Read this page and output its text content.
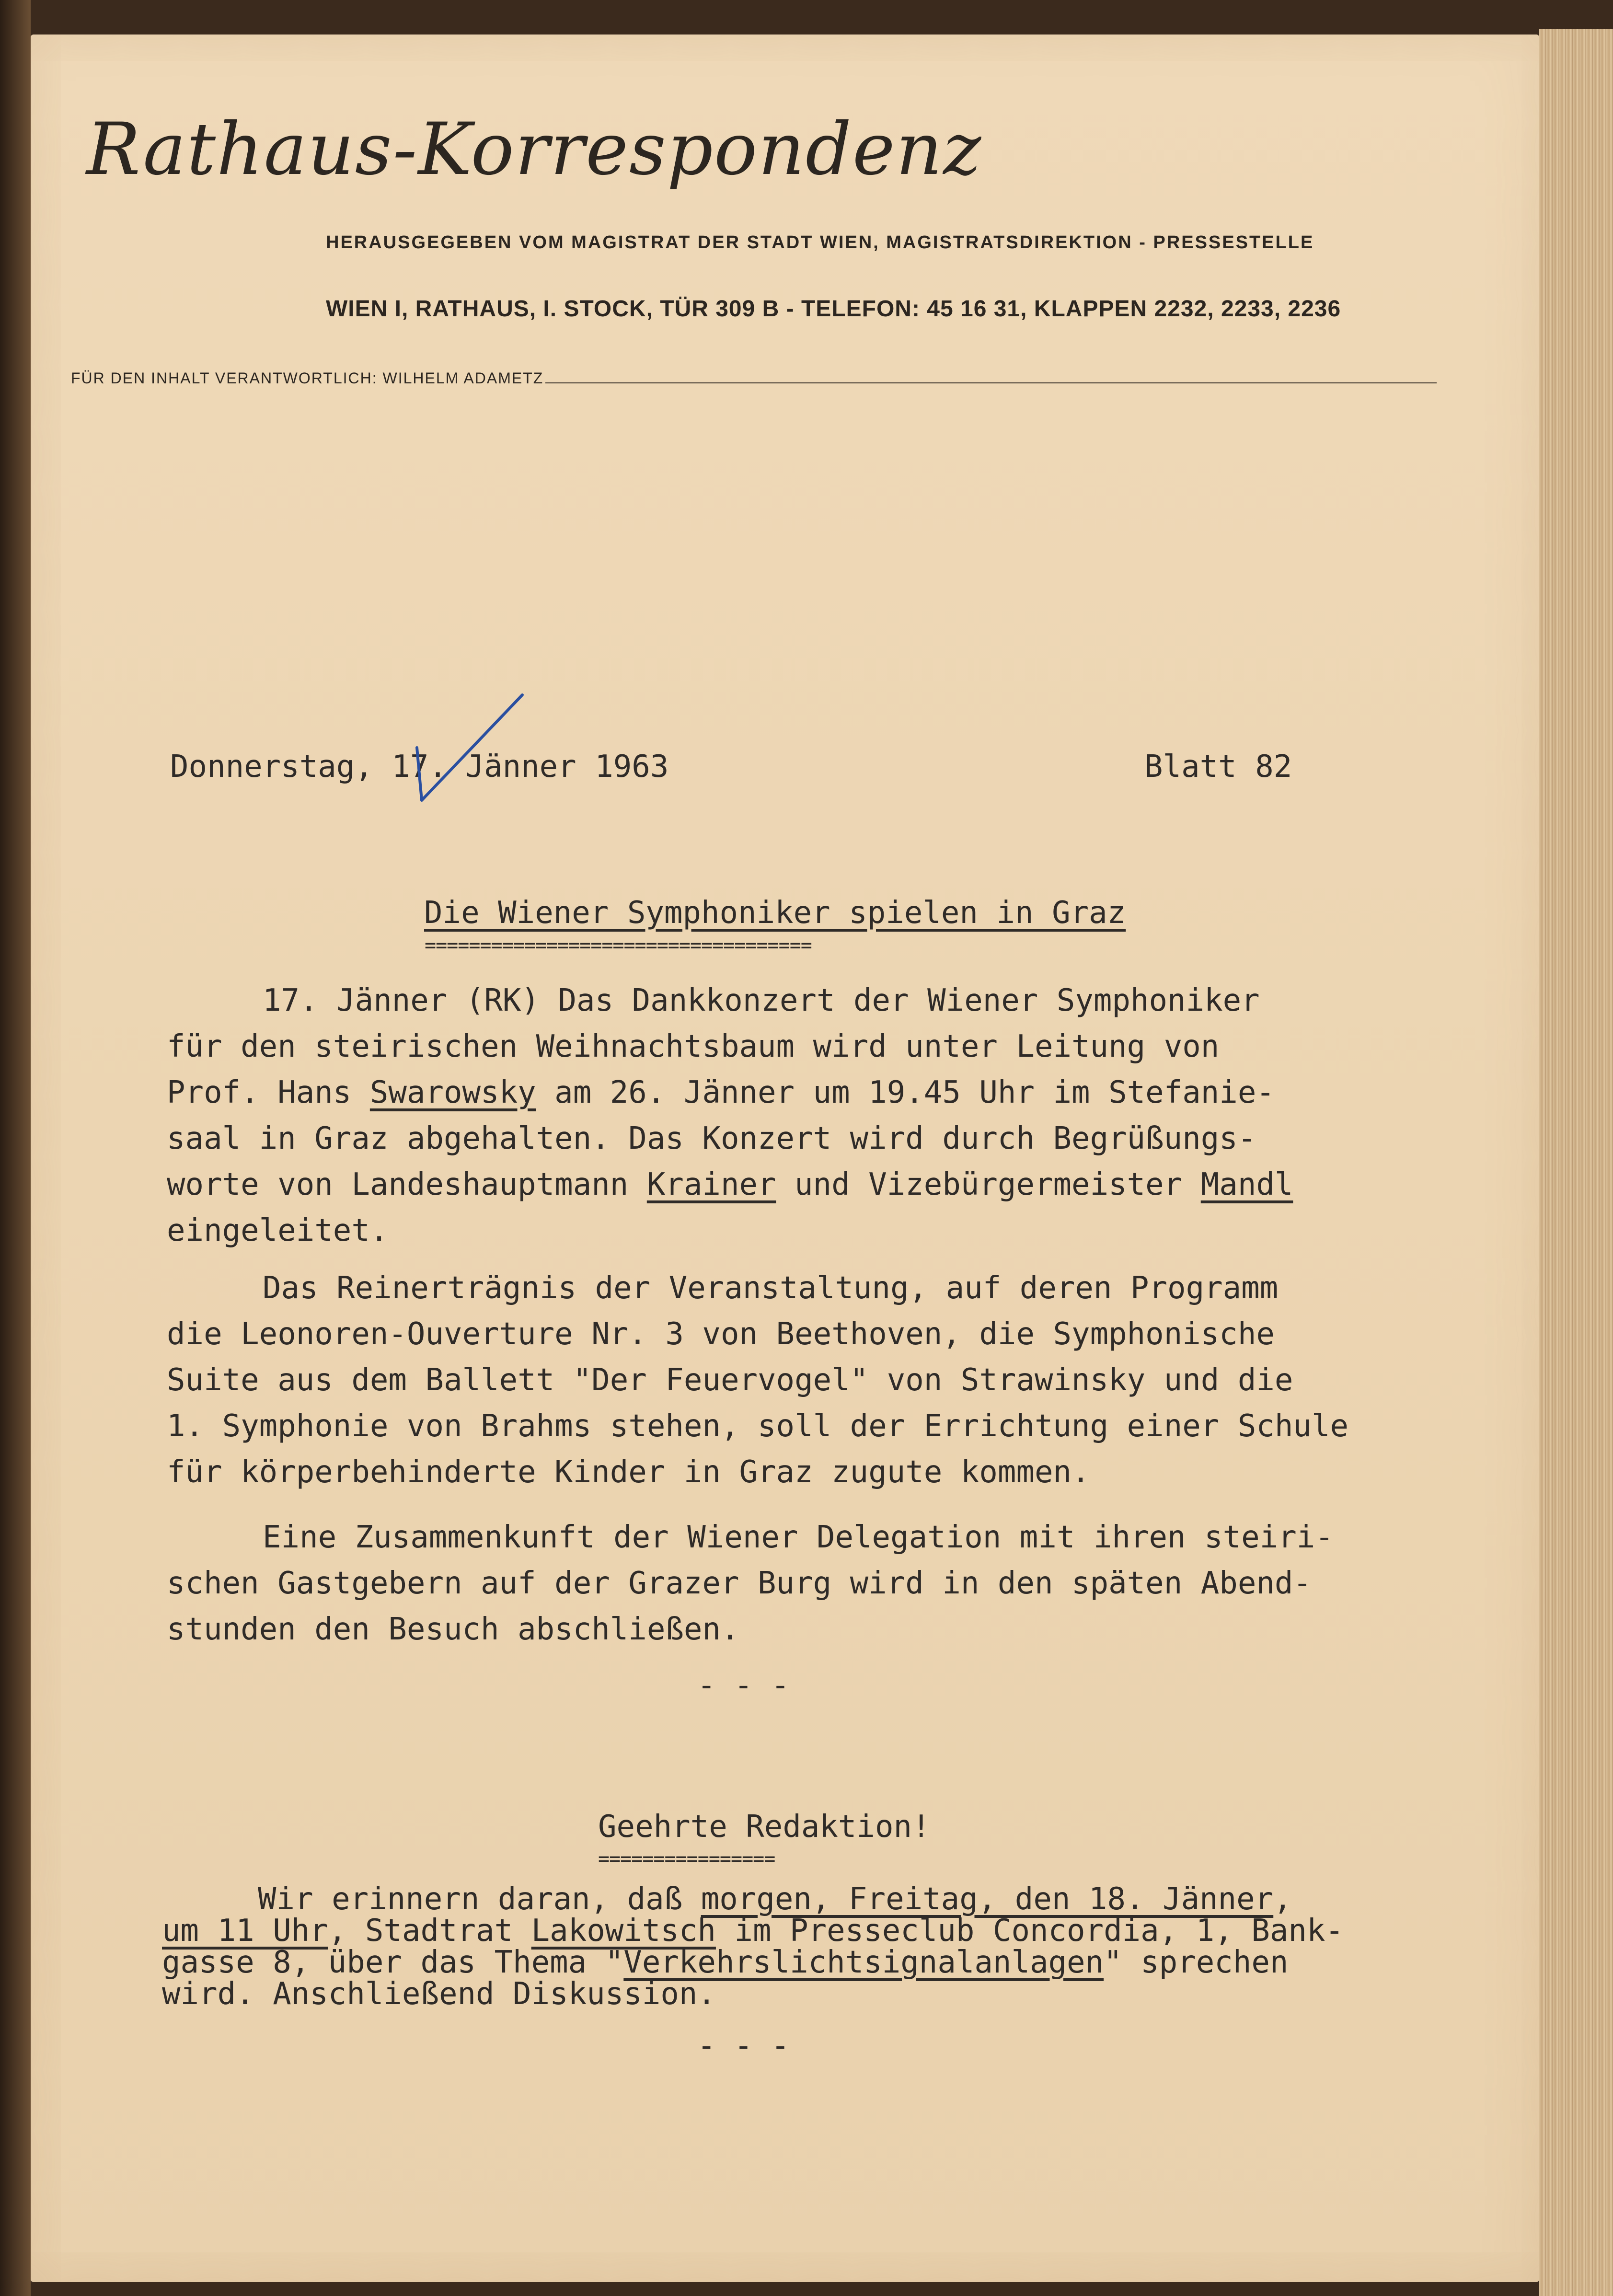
Rathaus-Korrespondenz
HERAUSGEGEBEN VOM MAGISTRAT DER STADT WIEN, MAGISTRATSDIREKTION - PRESSESTELLE
WIEN I, RATHAUS, I. STOCK, TÜR 309 B - TELEFON: 45 16 31, KLAPPEN 2232, 2233, 2236
FÜR DEN INHALT VERANTWORTLICH: WILHELM ADAMETZ
Donnerstag, 17. Jänner 1963	Blatt 82
Die Wiener Symphoniker spielen in Graz
===================================
17. Jänner (RK) Das Dankkonzert der Wiener Symphoniker
für den steirischen Weihnachtsbaum wird unter Leitung von
Prof. Hans Swarowsky am 26. Jänner um 19.45 Uhr im Stefanie-
saal in Graz abgehalten. Das Konzert wird durch Begrüßungs-
worte von Landeshauptmann Krainer und Vizebürgermeister Mandl
eingeleitet.
Das Reinerträgnis der Veranstaltung, auf deren Programm
die Leonoren-Ouverture Nr. 3 von Beethoven, die Symphonische
Suite aus dem Ballett "Der Feuervogel" von Strawinsky und die
1. Symphonie von Brahms stehen, soll der Errichtung einer Schule
für körperbehinderte Kinder in Graz zugute kommen.
Eine Zusammenkunft der Wiener Delegation mit ihren steiri-
schen Gastgebern auf der Grazer Burg wird in den späten Abend-
stunden den Besuch abschließen.
- - -
Geehrte Redaktion!
================
Wir erinnern daran, daß morgen, Freitag, den 18. Jänner,
um 11 Uhr, Stadtrat Lakowitsch im Presseclub Concordia, 1, Bank-
gasse 8, über das Thema "Verkehrslichtsignalanlagen" sprechen
wird. Anschließend Diskussion.
- - -
